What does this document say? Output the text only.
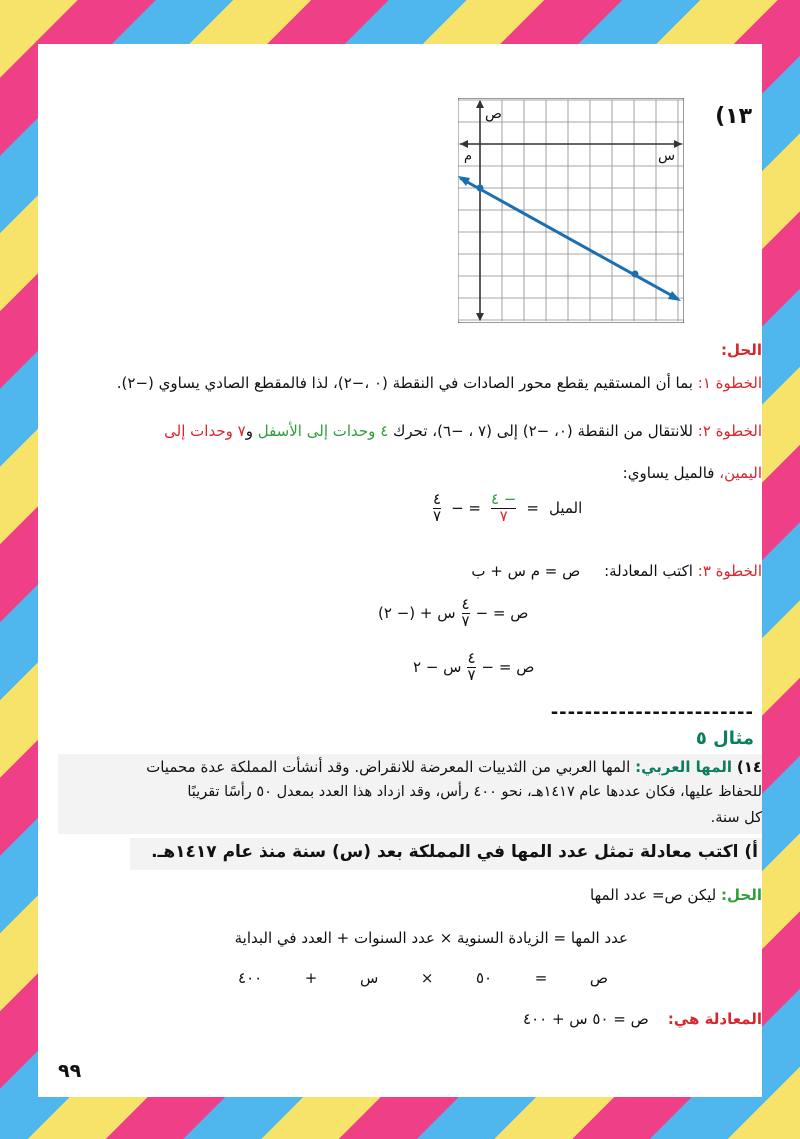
(١٣
ص
س
م
الحل:
الخطوة ١: بما أن المستقيم يقطع محور الصادات في النقطة (٠ ،−٢)، لذا فالمقطع الصادي يساوي (−٢).
الخطوة ٢: للانتقال من النقطة (٠، −٢) إلى (٧ ، −٦)، تحرك ٤ وحدات إلى الأسفل و٧ وحدات إلى
اليمين، فالميل يساوي:
الميل
=
$\frac{- ٤}{٧}$
= −
$\frac{٤}{٧}$
الخطوة ٣: اكتب المعادلة:     ص = م س + ب
ص = −
$\frac{٤}{٧}$
س + (− ٢)
ص = −
$\frac{٤}{٧}$
س − ٢
------------------------
مثال ٥
١٤) المها العربي: المها العربي من الثدييات المعرضة للانقراض. وقد أنشأت المملكة عدة محميات
للحفاظ عليها، فكان عددها عام ١٤١٧هـ، نحو ٤٠٠ رأس، وقد ازداد هذا العدد بمعدل ٥٠ رأسًا تقريبًا
كل سنة.
أ) اكتب معادلة تمثل عدد المها في المملكة بعد (س) سنة منذ عام ١٤١٧هـ.
الحل: ليكن ص= عدد المها
عدد المها = الزيادة السنوية × عدد السنوات + العدد في البداية
ص
=
٥٠
×
س
+
٤٠٠
المعادلة هي:    ص = ٥٠ س + ٤٠٠
٩٩
